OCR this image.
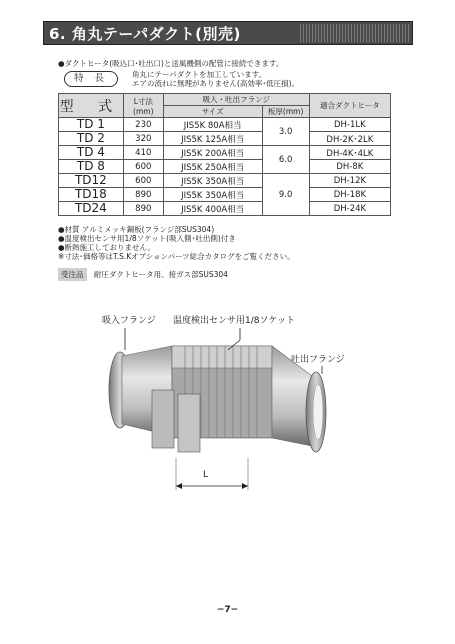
6. 角丸テーパダクト(別売)
●ダクトヒータ(吸込口･吐出口)と送風機側の配管に接続できます。
特 長	角丸にテーパダクトを加工しています。
エアの流れに無理がありません(高効率･低圧損)。
型 式	L寸法
(mm)	吸入・吐出フランジ		適合ダクトヒータ
		サイズ	板厚(mm)	
TD 1	230	JIS5K 80A相当	3.0	DH-1LK
TD 2	320	JIS5K 125A相当		DH-2K･2LK
TD 4	410	JIS5K 200A相当	6.0	DH-4K･4LK
TD 8	600	JIS5K 250A相当		DH-8K
TD12	600	JIS5K 350A相当	9.0	DH-12K
TD18	890	JIS5K 350A相当		DH-18K
TD24	890	JIS5K 400A相当		DH-24K
●材質 アルミメッキ鋼板(フランジ部SUS304)
●温度検出センサ用1/8ソケット(吸入側･吐出側)付き
●断熱施工しておりません。
※寸法･価格等はT.S.Kオプションパーツ総合カタログをご覧ください。
受注品 耐圧ダクトヒータ用、接ガス部SUS304
吸入フランジ 温度検出センサ用1/8ソケット
吐出フランジ
L
−7−
